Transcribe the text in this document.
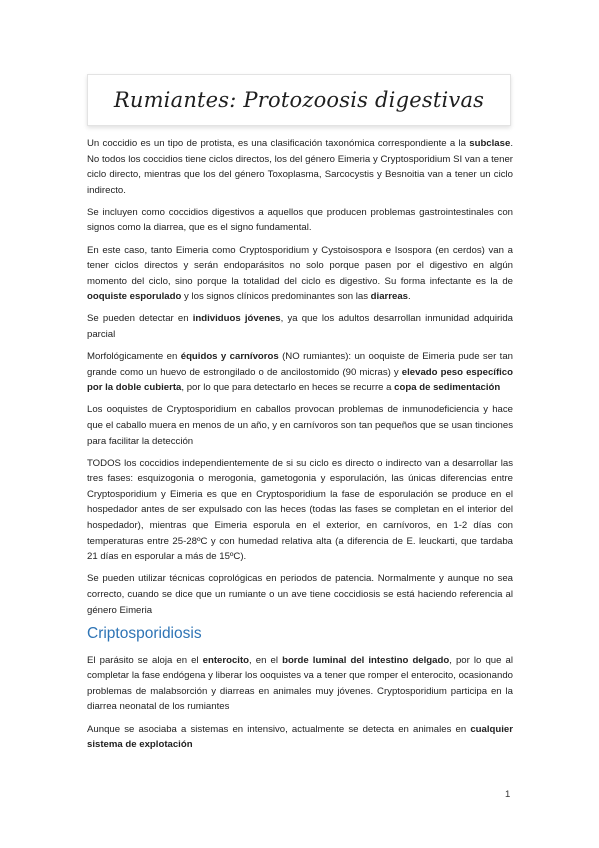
Rumiantes: Protozoosis digestivas

Un coccidio es un tipo de protista, es una clasificación taxonómica correspondiente a la subclase. No todos los coccidios tiene ciclos directos, los del género Eimeria y Cryptosporidium SI van a tener ciclo directo, mientras que los del género Toxoplasma, Sarcocystis y Besnoitia van a tener un ciclo indirecto.

Se incluyen como coccidios digestivos a aquellos que producen problemas gastrointestinales con signos como la diarrea, que es el signo fundamental.

En este caso, tanto Eimeria como Cryptosporidium y Cystoisospora e Isospora (en cerdos) van a tener ciclos directos y serán endoparásitos no solo porque pasen por el digestivo en algún momento del ciclo, sino porque la totalidad del ciclo es digestivo. Su forma infectante es la de ooquiste esporulado y los signos clínicos predominantes son las diarreas.

Se pueden detectar en individuos jóvenes, ya que los adultos desarrollan inmunidad adquirida parcial

Morfológicamente en équidos y carnívoros (NO rumiantes): un ooquiste de Eimeria pude ser tan grande como un huevo de estrongilado o de ancilostomido (90 micras) y elevado peso específico por la doble cubierta, por lo que para detectarlo en heces se recurre a copa de sedimentación

Los ooquistes de Cryptosporidium en caballos provocan problemas de inmunodeficiencia y hace que el caballo muera en menos de un año, y en carnívoros son tan pequeños que se usan tinciones para facilitar la detección

TODOS los coccidios independientemente de si su ciclo es directo o indirecto van a desarrollar las tres fases: esquizogonia o merogonia, gametogonia y esporulación, las únicas diferencias entre Cryptosporidium y Eimeria es que en Cryptosporidium la fase de esporulación se produce en el hospedador antes de ser expulsado con las heces (todas las fases se completan en el interior del hospedador), mientras que Eimeria esporula en el exterior, en carnívoros, en 1-2 días con temperaturas entre 25-28ºC y con humedad relativa alta (a diferencia de E. leuckarti, que tardaba 21 días en esporular a más de 15ºC).

Se pueden utilizar técnicas coprológicas en periodos de patencia. Normalmente y aunque no sea correcto, cuando se dice que un rumiante o un ave tiene coccidiosis se está haciendo referencia al género Eimeria

Criptosporidiosis

El parásito se aloja en el enterocito, en el borde luminal del intestino delgado, por lo que al completar la fase endógena y liberar los ooquistes va a tener que romper el enterocito, ocasionando problemas de malabsorción y diarreas en animales muy jóvenes. Cryptosporidium participa en la diarrea neonatal de los rumiantes

Aunque se asociaba a sistemas en intensivo, actualmente se detecta en animales en cualquier sistema de explotación

1
